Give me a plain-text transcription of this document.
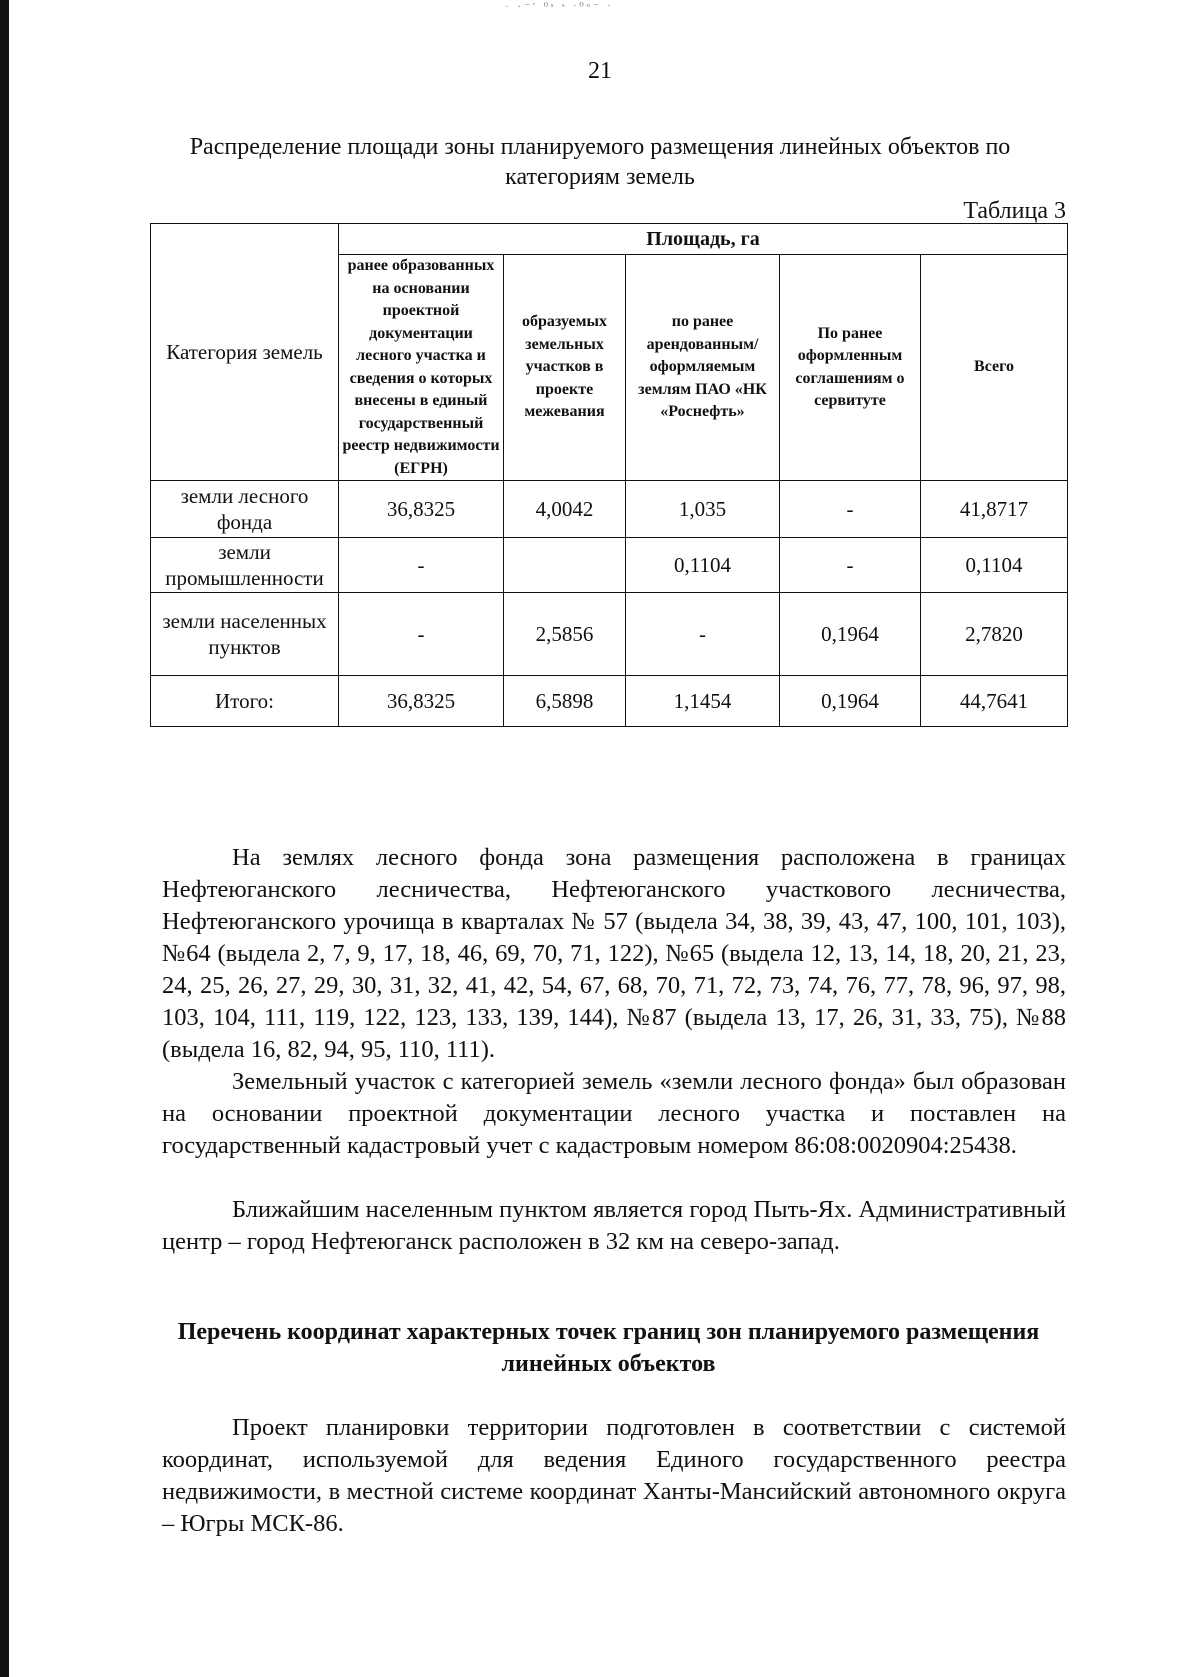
· ·⁻' ⁰ˢ ˢ ˑ⁰ᵒ⁻ ˑ
21
Распределение площади зоны планируемого размещения линейных объектов по категориям земель
Таблица 3
Категория земель	Площадь, га				
	ранее образованных на основании проектной документации лесного участка и сведения о которых внесены в единый государственный реестр недвижимости (ЕГРН)	образуемых земельных участков в проекте межевания	по ранее арендованным/ оформляемым землям ПАО «НК «Роснефть»	По ранее оформленным соглашениям о сервитуте	Всего
земли лесного фонда	36,8325	4,0042	1,035	-	41,8717
земли промышленности	-		0,1104	-	0,1104
земли населенных пунктов	-	2,5856	-	0,1964	2,7820
Итого:	36,8325	6,5898	1,1454	0,1964	44,7641

На землях лесного фонда зона размещения расположена в границах Нефтеюганского лесничества, Нефтеюганского участкового лесничества, Нефтеюганского урочища в кварталах № 57 (выдела 34, 38, 39, 43, 47, 100, 101, 103), №64 (выдела 2, 7, 9, 17, 18, 46, 69, 70, 71, 122), №65 (выдела 12, 13, 14, 18, 20, 21, 23, 24, 25, 26, 27, 29, 30, 31, 32, 41, 42, 54, 67, 68, 70, 71, 72, 73, 74, 76, 77, 78, 96, 97, 98, 103, 104, 111, 119, 122, 123, 133, 139, 144), №87 (выдела 13, 17, 26, 31, 33, 75), №88 (выдела 16, 82, 94, 95, 110, 111).

Земельный участок с категорией земель «земли лесного фонда» был образован на основании проектной документации лесного участка и поставлен на государственный кадастровый учет с кадастровым номером 86:08:0020904:25438.

Ближайшим населенным пунктом является город Пыть-Ях. Административный центр – город Нефтеюганск расположен в 32 км на северо-запад.

Перечень координат характерных точек границ зон планируемого размещения линейных объектов

Проект планировки территории подготовлен в соответствии с системой координат, используемой для ведения Единого государственного реестра недвижимости, в местной системе координат Ханты-Мансийский автономного округа – Югры МСК-86.
